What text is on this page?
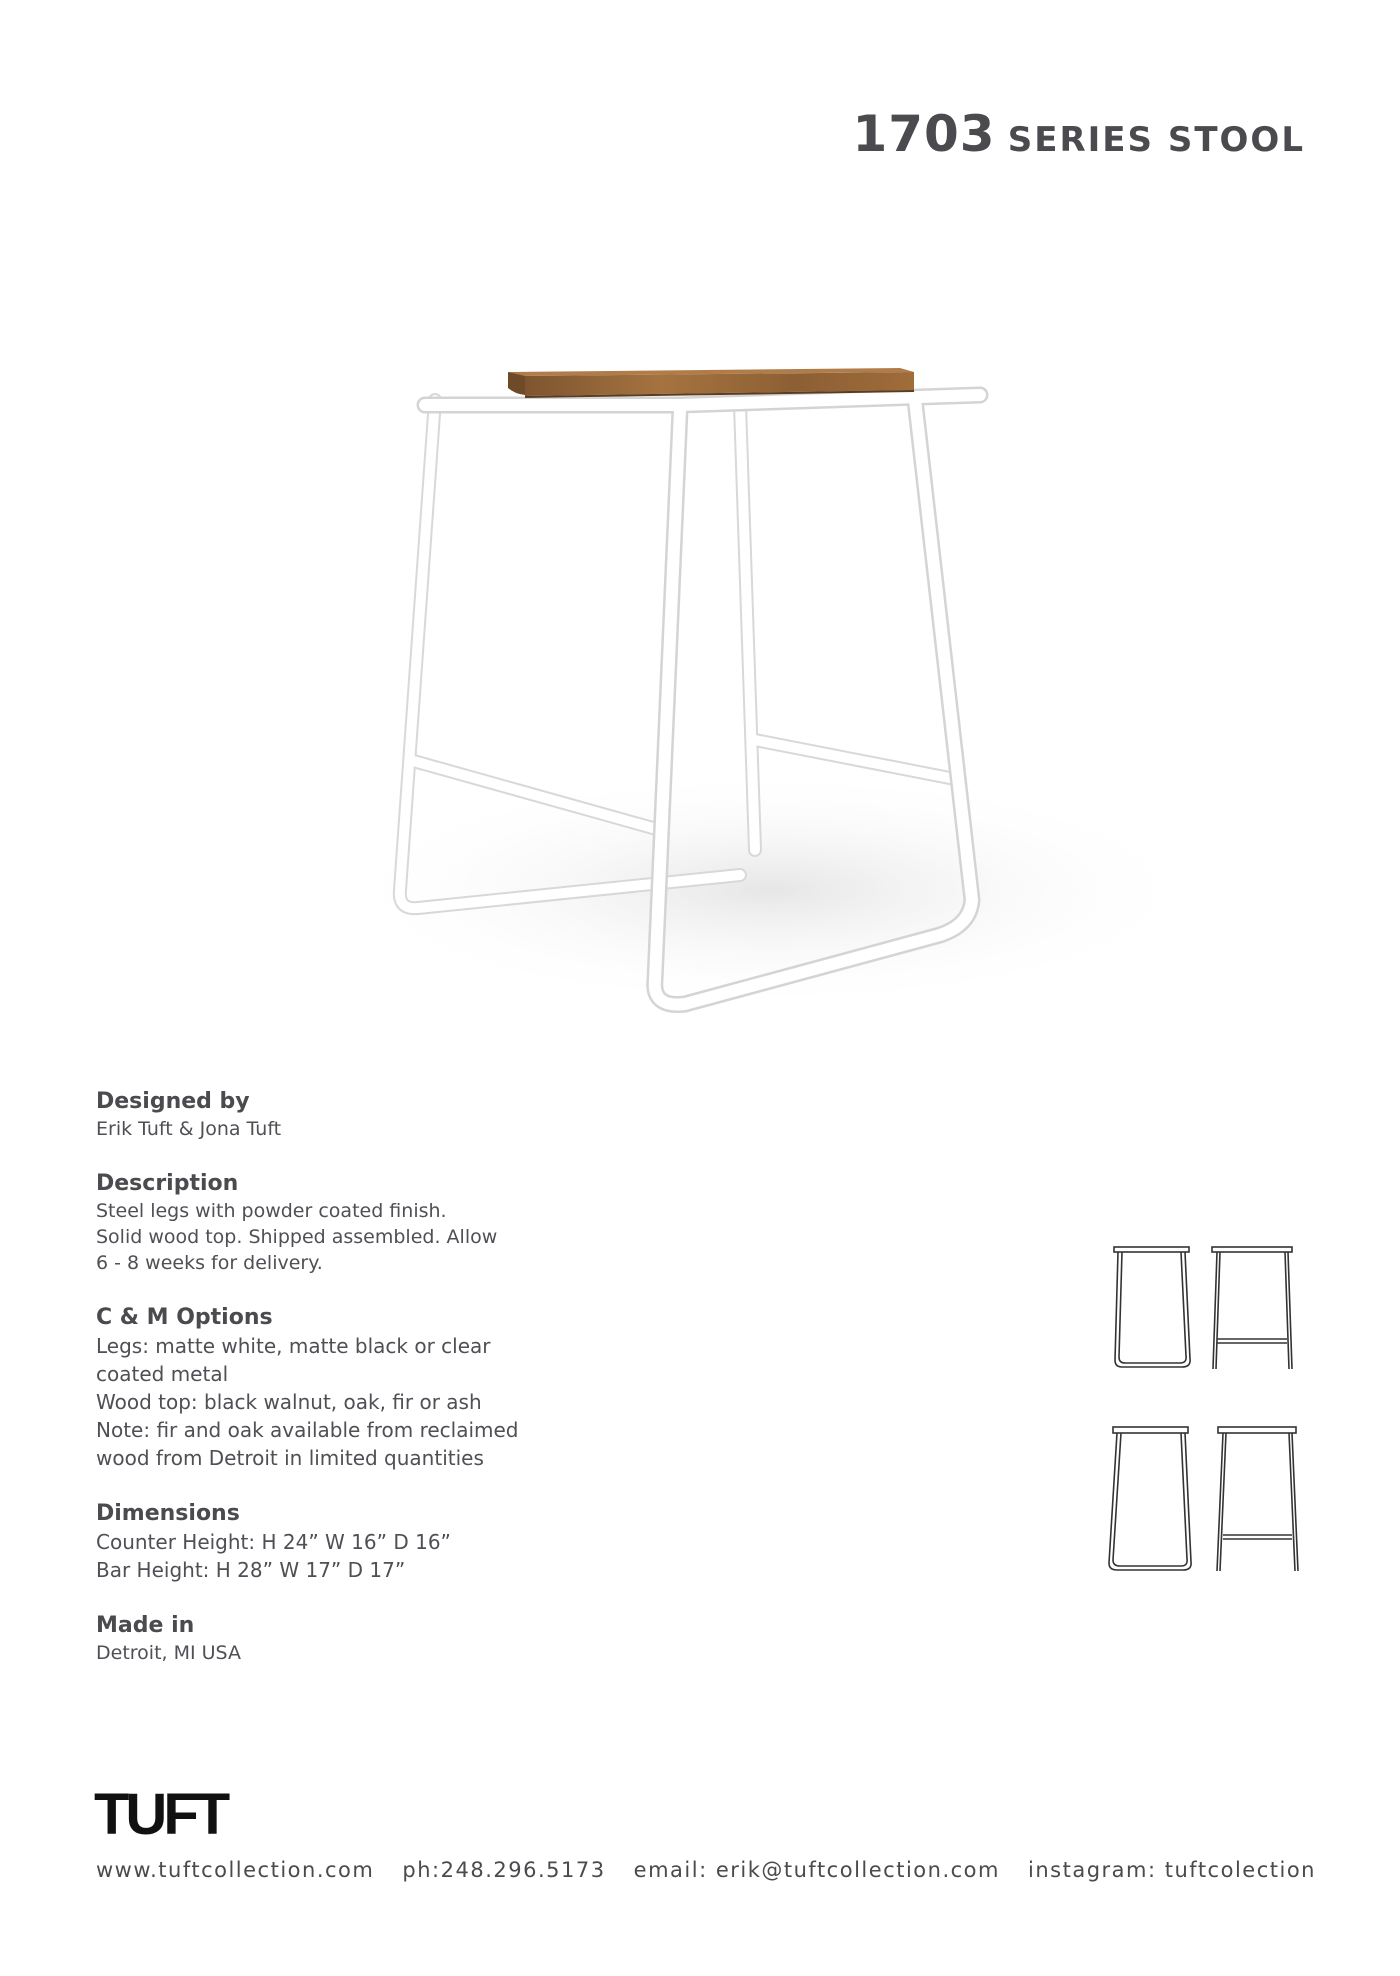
1703 SERIES STOOL
Designed by

Erik Tuft & Jona Tuft

Description

Steel legs with powder coated finish.

Solid wood top. Shipped assembled. Allow

6 - 8 weeks for delivery.

C & M Options

Legs: matte white, matte black or clear

coated metal

Wood top: black walnut, oak, fir or ash

Note: fir and oak available from reclaimed

wood from Detroit in limited quantities

Dimensions

Counter Height: H 24” W 16” D 16”

Bar Height: H 28” W 17” D 17”

Made in

Detroit, MI USA

TUFT
www.tuftcollection.com ph:248.296.5173 email: erik@tuftcollection.com instagram: tuftcolection
